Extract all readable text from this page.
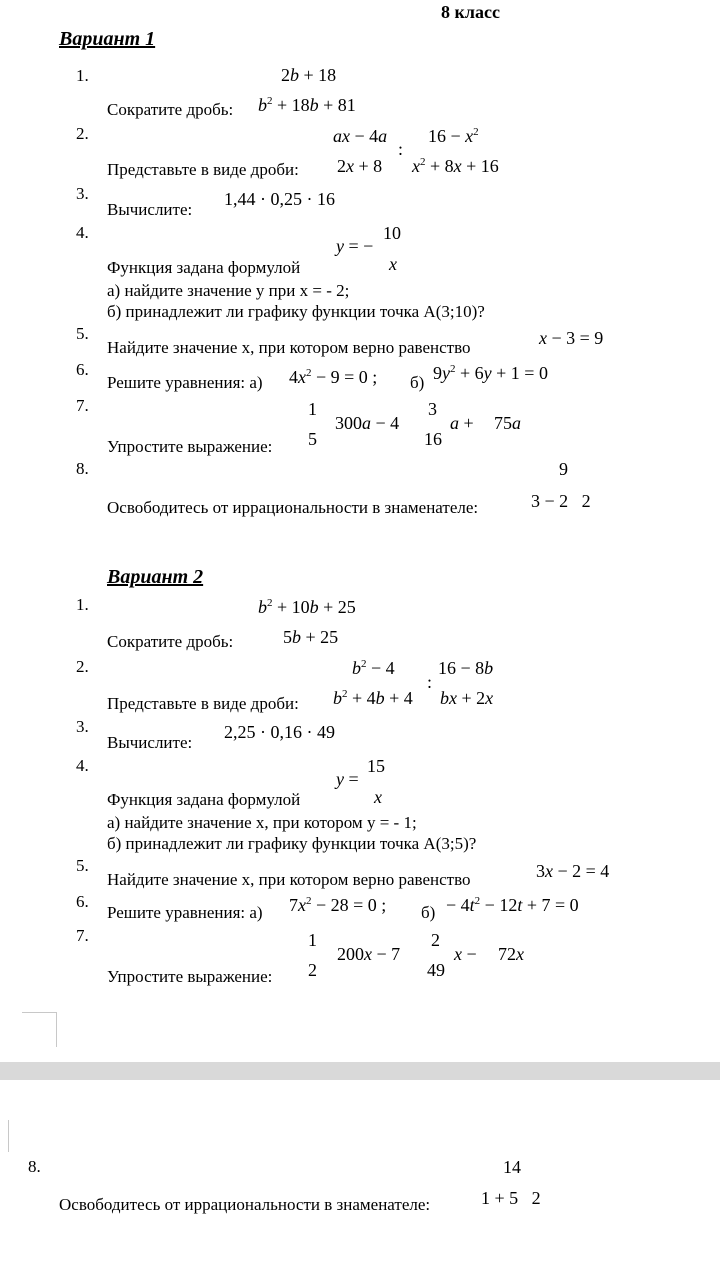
8 класс
Вариант 1
1.
2.
3.
4.
5.
6.
7.
8.
2b + 18
Сократите дробь: $b^2 + 18b + 81$
ax − 4a $16 - x^2$
Представьте в виде дроби: 2x + 8
:
$x^2 + 8x + 16$
Вычислите:
1,44 · 0,25 · 16
10
y = −
x
Функция задана формулой
а) найдите значение y при x = - 2;
б) принадлежит ли графику функции точка A(3;10)?
Найдите значение x, при котором верно равенство	x − 3 = 9
Решите уравнения: а) $4x^2 - 9 = 0$ ; б) $9y^2 + 6y + 1 = 0$
1	3
300a − 4	a + 75a
5	16
Упростите выражение:
9
Освободитесь от иррациональности в знаменателе:	3 − 2   2
Вариант 2
1.
2.
3.
4.
5.
6.
7.
$b^2 + 10b + 25$
Сократите дробь:	5b + 25
$b^2 - 4$ 16 − 8b
Представьте в виде дроби: $b^2 + 4b + 4$
:
bx + 2x
Вычислите:
2,25 · 0,16 · 49
15
y =
x
Функция задана формулой
а) найдите значение x, при котором y = - 1;
б) принадлежит ли графику функции точка A(3;5)?
Найдите значение x, при котором верно равенство	3x − 2 = 4
Решите уравнения: а) $7x^2 - 28 = 0$ ; $б) - 4t^2 - 12t + 7 = 0$
1	2
200x − 7	x − 72x
2	49
Упростите выражение:
8.	14
Освободитесь от иррациональности в знаменателе:	1 + 5   2
